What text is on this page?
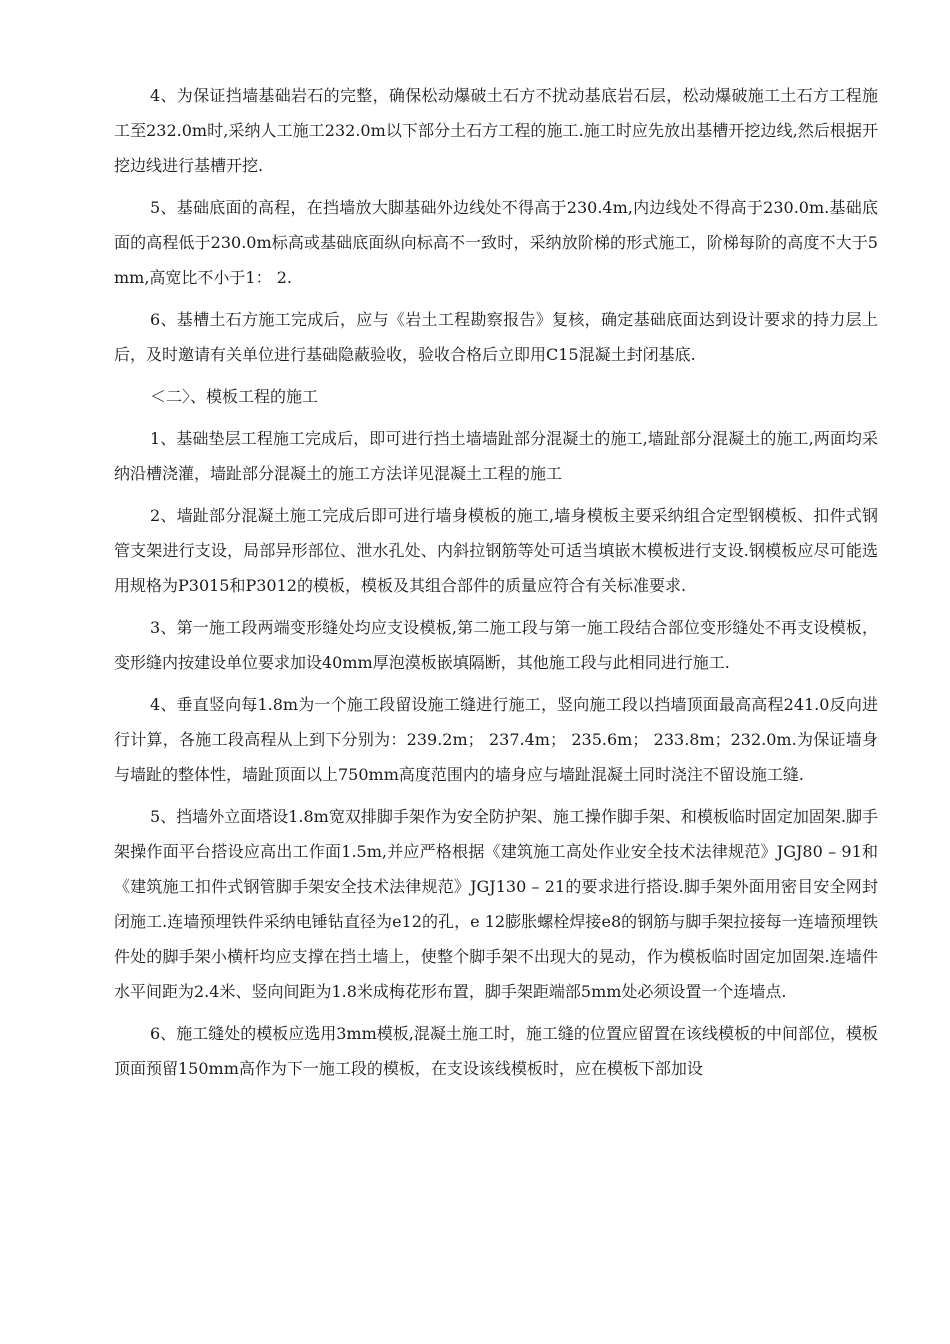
4、为保证挡墙基础岩石的完整，确保松动爆破土石方不扰动基底岩石层，松动爆破施工土石方工程施工至232.0m时,采纳人工施工232.0m以下部分土石方工程的施工.施工时应先放出基槽开挖边线,然后根据开挖边线进行基槽开挖.

5、基础底面的高程，在挡墙放大脚基础外边线处不得高于230.4m,内边线处不得高于230.0m.基础底面的高程低于230.0m标高或基础底面纵向标高不一致时，采纳放阶梯的形式施工，阶梯每阶的高度不大于5mm,高宽比不小于1： 2.

6、基槽土石方施工完成后，应与《岩土工程勘察报告》复核，确定基础底面达到设计要求的持力层上后，及时邀请有关单位进行基础隐蔽验收，验收合格后立即用C15混凝土封闭基底.

＜二〉、模板工程的施工

1、基础垫层工程施工完成后，即可进行挡土墙墙趾部分混凝土的施工,墙趾部分混凝土的施工,两面均采纳沿槽浇灌，墙趾部分混凝土的施工方法详见混凝土工程的施工

2、墙趾部分混凝土施工完成后即可进行墙身模板的施工,墙身模板主要采纳组合定型钢模板、扣件式钢管支架进行支设，局部异形部位、泄水孔处、内斜拉钢筋等处可适当填嵌木模板进行支设.钢模板应尽可能选用规格为P3015和P3012的模板，模板及其组合部件的质量应符合有关标准要求.

3、第一施工段两端变形缝处均应支设模板,第二施工段与第一施工段结合部位变形缝处不再支设模板，变形缝内按建设单位要求加设40mm厚泡漠板嵌填隔断，其他施工段与此相同进行施工.

4、垂直竖向每1.8m为一个施工段留设施工缝进行施工，竖向施工段以挡墙顶面最高高程241.0反向进行计算，各施工段高程从上到下分别为：239.2m； 237.4m； 235.6m； 233.8m；232.0m.为保证墙身与墙趾的整体性，墙趾顶面以上750mm高度范围内的墙身应与墙趾混凝土同时浇注不留设施工缝.

5、挡墙外立面塔设1.8m宽双排脚手架作为安全防护架、施工操作脚手架、和模板临时固定加固架.脚手架操作面平台搭设应高出工作面1.5m,并应严格根据《建筑施工高处作业安全技术法律规范》JGJ80 – 91和《建筑施工扣件式钢管脚手架安全技术法律规范》JGJ130 – 21的要求进行搭设.脚手架外面用密目安全网封闭施工.连墙预埋铁件采纳电锤钻直径为e12的孔，e 12膨胀螺栓焊接e8的钢筋与脚手架拉接每一连墙预埋铁件处的脚手架小横杆均应支撑在挡土墙上，使整个脚手架不出现大的晃动，作为模板临时固定加固架.连墙件水平间距为2.4米、竖向间距为1.8米成梅花形布置，脚手架距端部5mm处必须设置一个连墙点.

6、施工缝处的模板应选用3mm模板,混凝土施工时，施工缝的位置应留置在该线模板的中间部位，模板顶面预留150mm高作为下一施工段的模板，在支设该线模板时，应在模板下部加设
